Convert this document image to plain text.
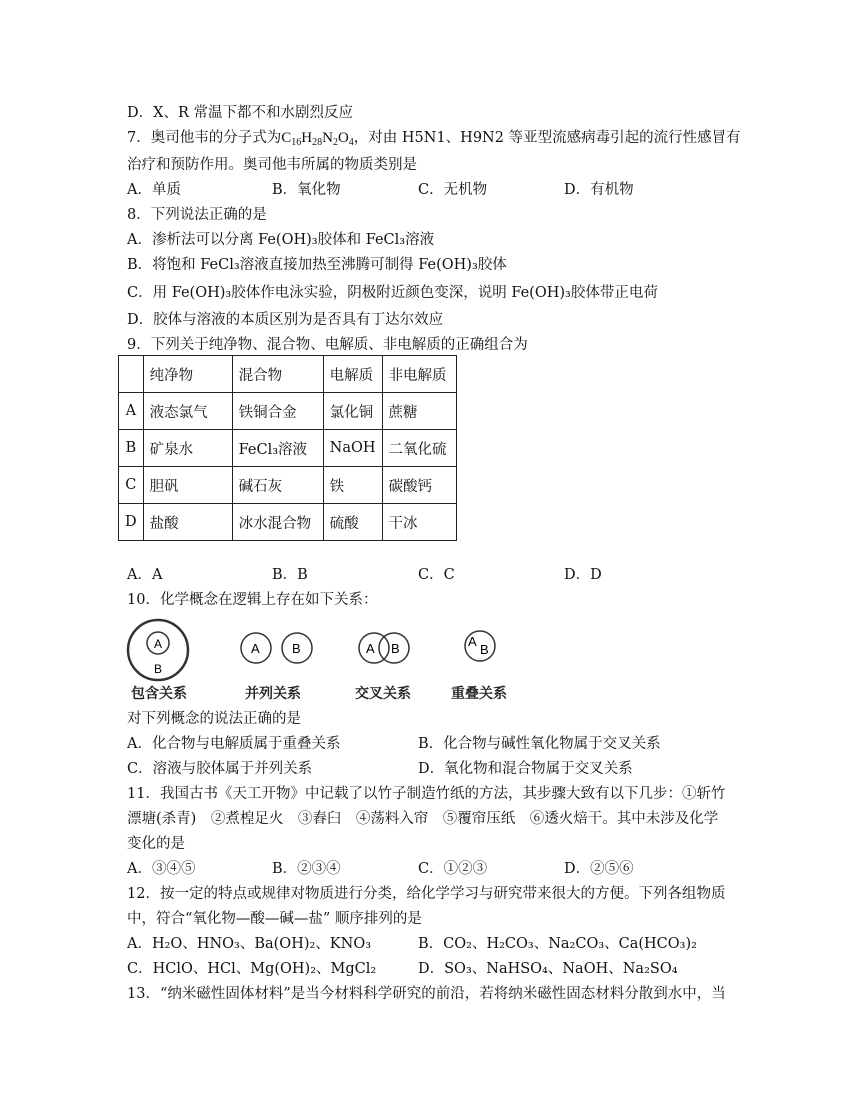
D．X、R 常温下都不和水剧烈反应
7．奥司他韦的分子式为$C_{16}H_{28}N_2O_4$，对由 H5N1、H9N2 等亚型流感病毒引起的流行性感冒有
治疗和预防作用。奥司他韦所属的物质类别是
A．单质	B．氧化物	C．无机物	D．有机物
8．下列说法正确的是
A．渗析法可以分离 Fe(OH)₃胶体和 FeCl₃溶液
B．将饱和 FeCl₃溶液直接加热至沸腾可制得 Fe(OH)₃胶体
C．用 Fe(OH)₃胶体作电泳实验，阴极附近颜色变深，说明 Fe(OH)₃胶体带正电荷
D．胶体与溶液的本质区别为是否具有丁达尔效应
9．下列关于纯净物、混合物、电解质、非电解质的正确组合为
	纯净物	混合物	电解质	非电解质
A	液态氯气	铁铜合金	氯化铜	蔗糖
B	矿泉水	FeCl₃溶液	NaOH	二氧化硫
C	胆矾	碱石灰	铁	碳酸钙
D	盐酸	冰水混合物	硫酸	干冰
A．A	B．B	C．C	D．D
10．化学概念在逻辑上存在如下关系：
A
B
A B	A B	A
B
包含关系	并列关系	交叉关系	重叠关系
对下列概念的说法正确的是
A．化合物与电解质属于重叠关系	B．化合物与碱性氧化物属于交叉关系
C．溶液与胶体属于并列关系	D．氧化物和混合物属于交叉关系
11．我国古书《天工开物》中记载了以竹子制造竹纸的方法，其步骤大致有以下几步：①斩竹
漂塘(杀青)　②煮楻足火　③舂臼　④荡料入帘　⑤覆帘压纸　⑥透火焙干。其中未涉及化学
变化的是
A．③④⑤	B．②③④	C．①②③	D．②⑤⑥
12．按一定的特点或规律对物质进行分类，给化学学习与研究带来很大的方便。下列各组物质
中，符合“氧化物—酸—碱—盐” 顺序排列的是
A．H₂O、HNO₃、Ba(OH)₂、KNO₃	B．CO₂、H₂CO₃、Na₂CO₃、Ca(HCO₃)₂
C．HClO、HCl、Mg(OH)₂、MgCl₂	D．SO₃、NaHSO₄、NaOH、Na₂SO₄
13．“纳米磁性固体材料”是当今材料科学研究的前沿，若将纳米磁性固态材料分散到水中，当
